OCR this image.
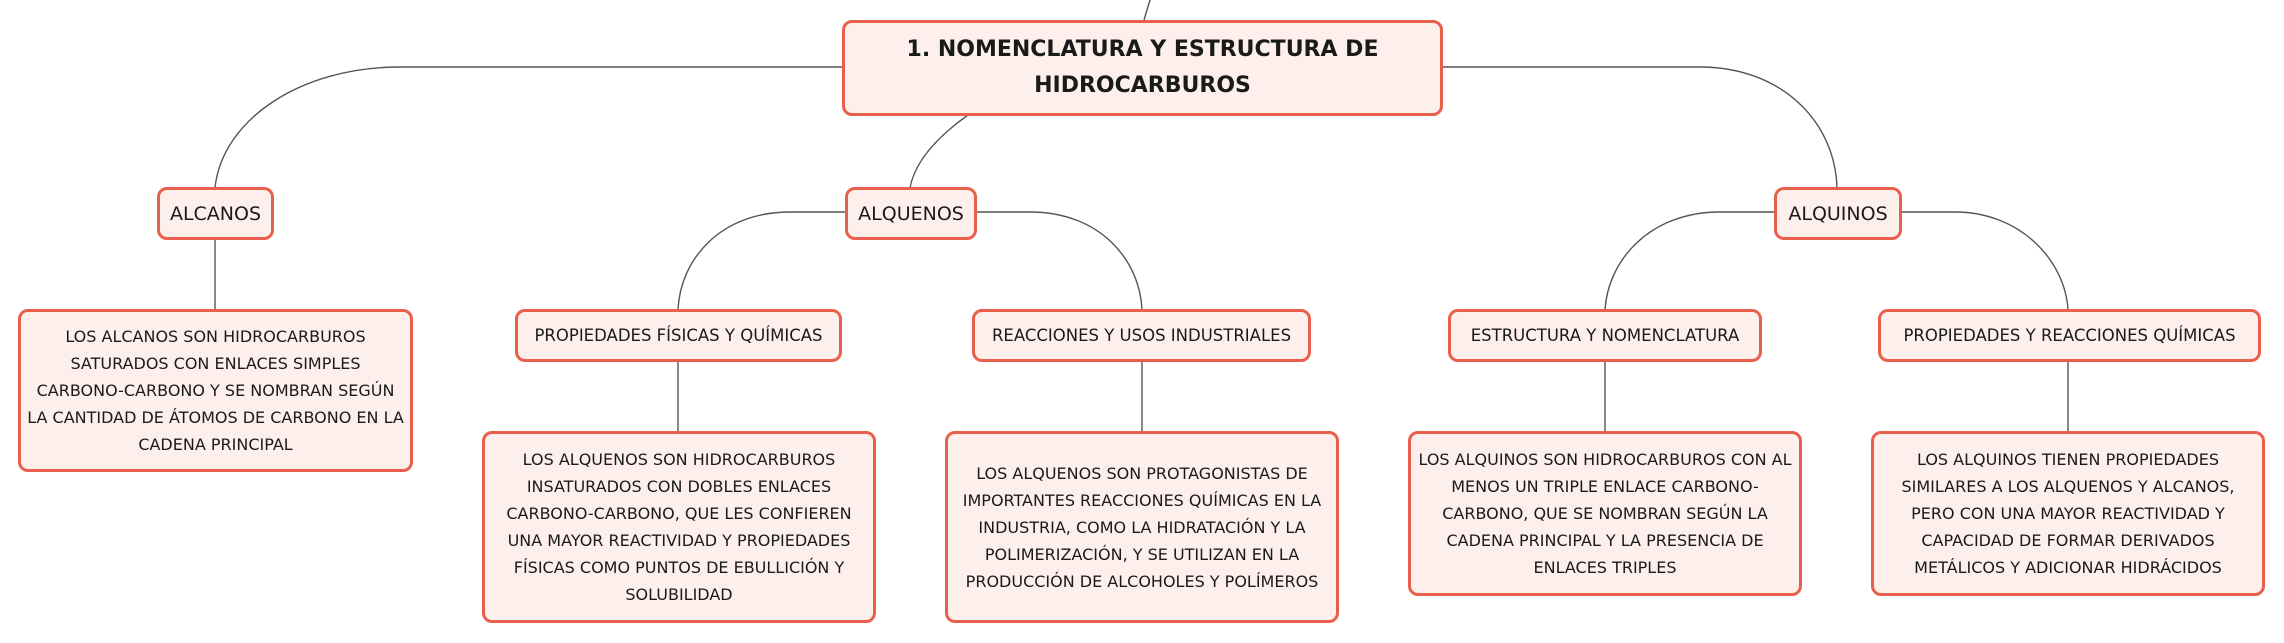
1. NOMENCLATURA Y ESTRUCTURA DE
HIDROCARBUROS
ALCANOS	ALQUENOS	ALQUINOS
LOS ALCANOS SON HIDROCARBUROS SATURADOS CON ENLACES SIMPLES CARBONO-CARBONO Y SE NOMBRAN SEGÚN LA CANTIDAD DE ÁTOMOS DE CARBONO EN LA CADENA PRINCIPAL
PROPIEDADES FÍSICAS Y QUÍMICAS	REACCIONES Y USOS INDUSTRIALES	ESTRUCTURA Y NOMENCLATURA	PROPIEDADES Y REACCIONES QUÍMICAS
LOS ALQUENOS SON HIDROCARBUROS INSATURADOS CON DOBLES ENLACES CARBONO-CARBONO, QUE LES CONFIEREN UNA MAYOR REACTIVIDAD Y PROPIEDADES FÍSICAS COMO PUNTOS DE EBULLICIÓN Y SOLUBILIDAD
LOS ALQUENOS SON PROTAGONISTAS DE IMPORTANTES REACCIONES QUÍMICAS EN LA INDUSTRIA, COMO LA HIDRATACIÓN Y LA POLIMERIZACIÓN, Y SE UTILIZAN EN LA PRODUCCIÓN DE ALCOHOLES Y POLÍMEROS
LOS ALQUINOS SON HIDROCARBUROS CON AL MENOS UN TRIPLE ENLACE CARBONO-CARBONO, QUE SE NOMBRAN SEGÚN LA CADENA PRINCIPAL Y LA PRESENCIA DE ENLACES TRIPLES
LOS ALQUINOS TIENEN PROPIEDADES SIMILARES A LOS ALQUENOS Y ALCANOS, PERO CON UNA MAYOR REACTIVIDAD Y CAPACIDAD DE FORMAR DERIVADOS METÁLICOS Y ADICIONAR HIDRÁCIDOS
